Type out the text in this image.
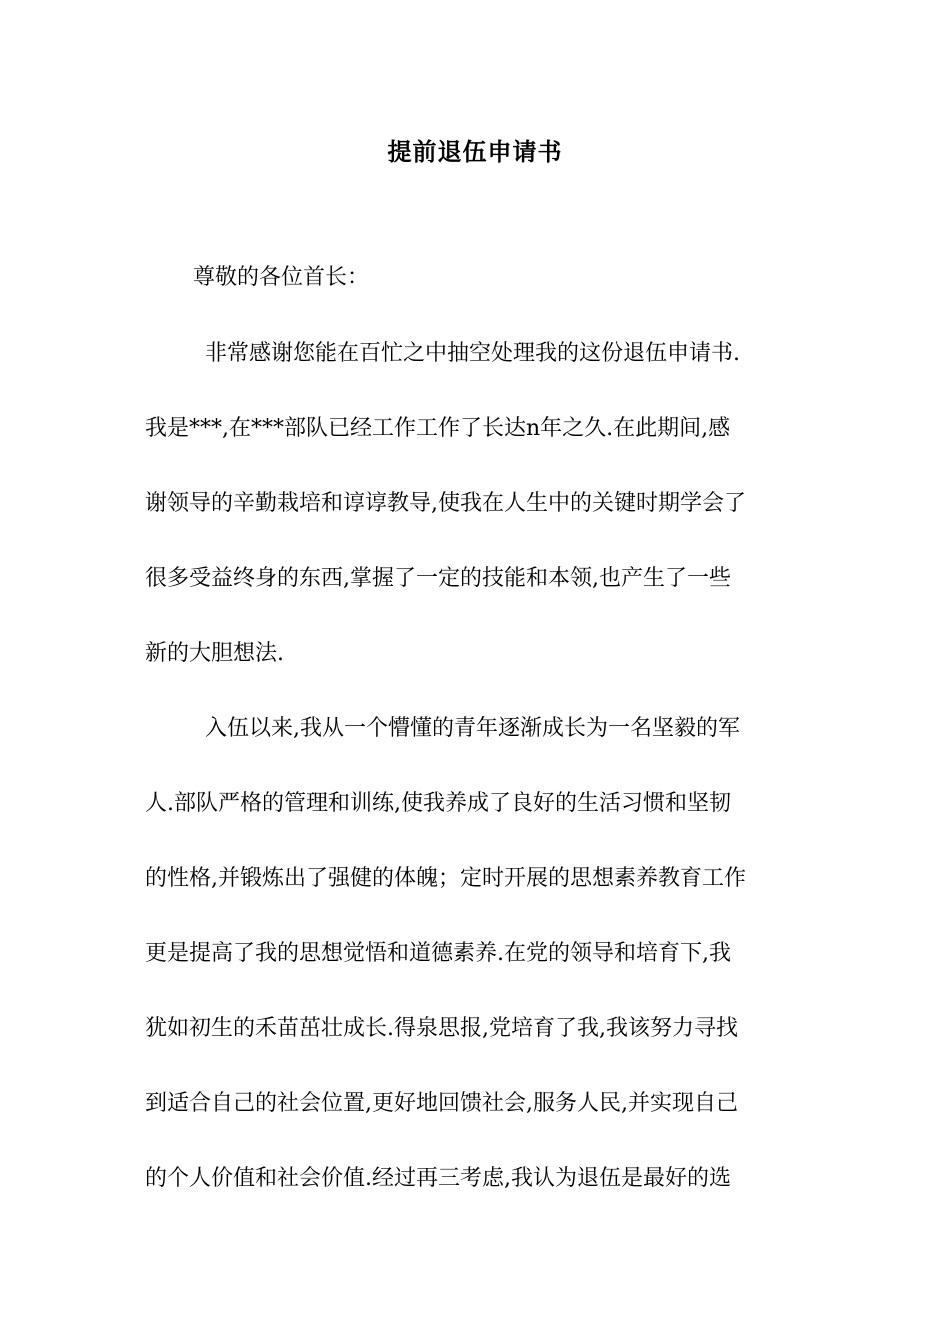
提前退伍申请书
尊敬的各位首长：
非常感谢您能在百忙之中抽空处理我的这份退伍申请书.
我是***,在***部队已经工作工作了长达n年之久.在此期间,感
谢领导的辛勤栽培和谆谆教导,使我在人生中的关键时期学会了
很多受益终身的东西,掌握了一定的技能和本领,也产生了一些
新的大胆想法.
入伍以来,我从一个懵懂的青年逐渐成长为一名坚毅的军
人.部队严格的管理和训练,使我养成了良好的生活习惯和坚韧
的性格,并锻炼出了强健的体魄；定时开展的思想素养教育工作
更是提高了我的思想觉悟和道德素养.在党的领导和培育下,我
犹如初生的禾苗茁壮成长.得泉思报,党培育了我,我该努力寻找
到适合自己的社会位置,更好地回馈社会,服务人民,并实现自己
的个人价值和社会价值.经过再三考虑,我认为退伍是最好的选
